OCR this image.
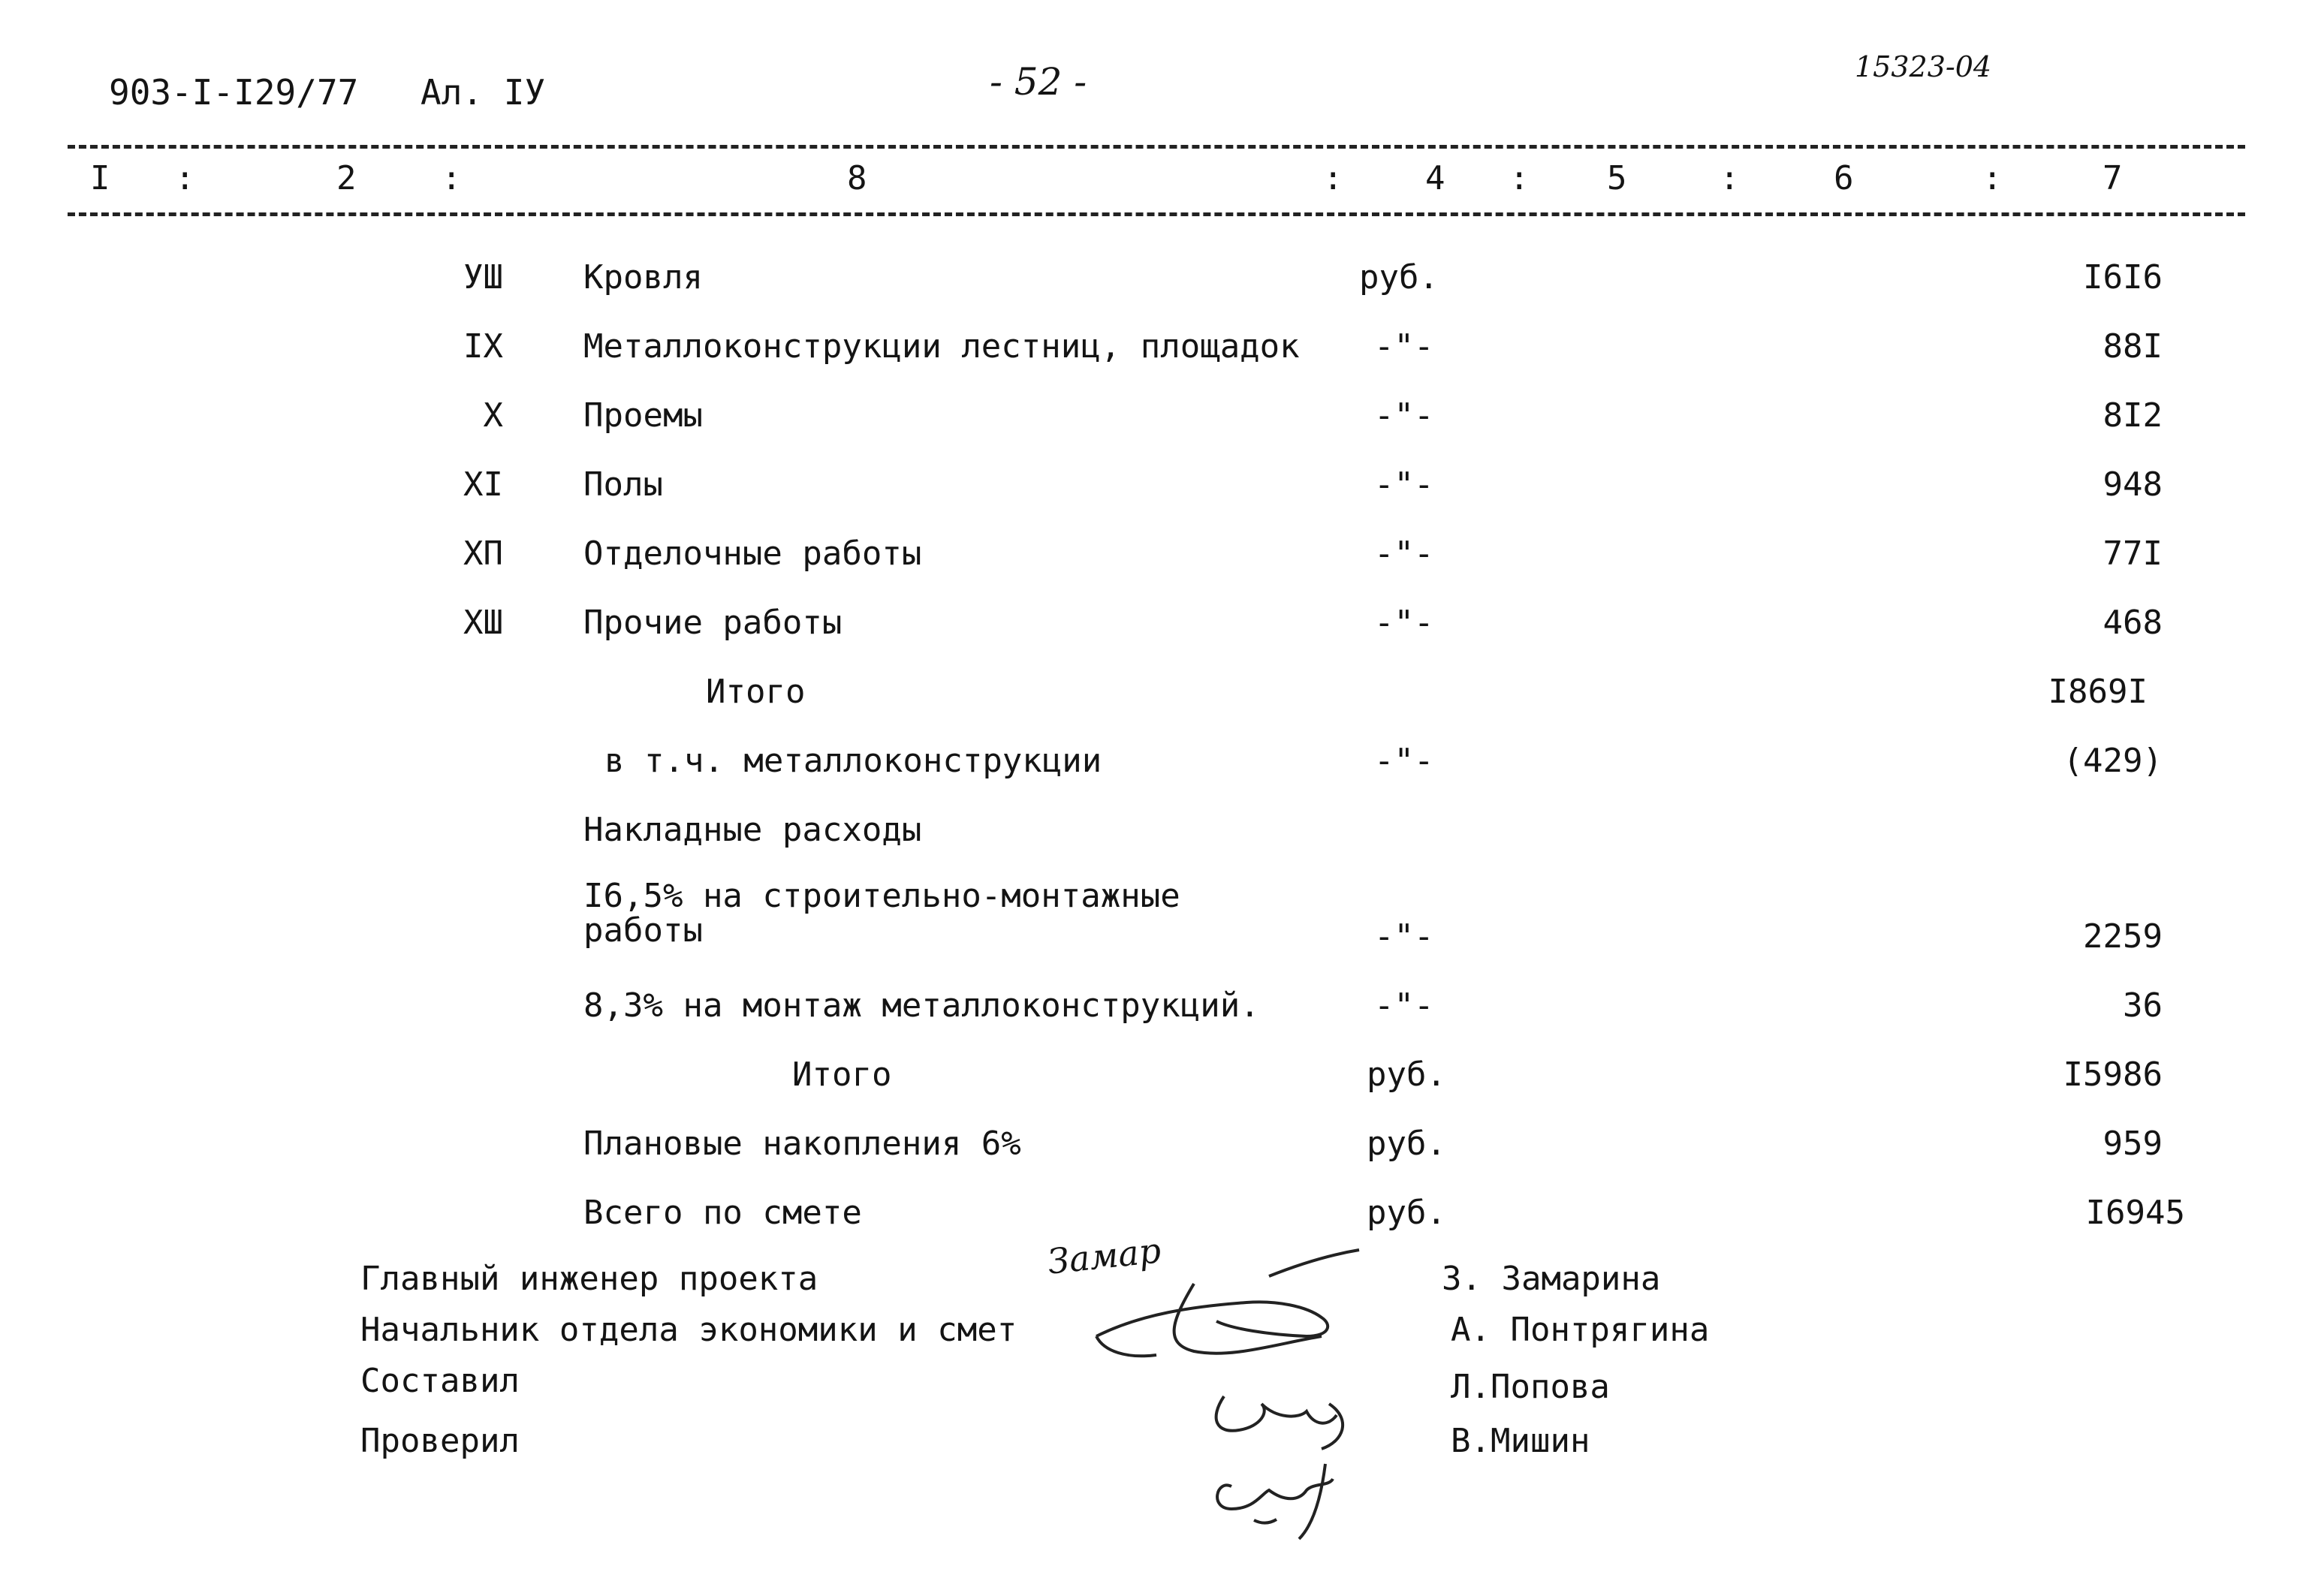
903-I-I29/77 Ал. IУ	- 52 -	15323-04
I :	2	:	8	: 4 : 5	:	6	:	7
УШ Кровля	руб.	I6I6
IX Металлоконструкции лестниц, площадок -"-	88I
X Проемы	-"-	8I2
XI Полы	-"-	948
XП Отделочные работы	-"-	77I
XШ Прочие работы	-"-	468
Итого	I869I
в т.ч. металлоконструкции	-"-	(429)
Накладные расходы
I6,5% на строительно-монтажные
работы	-"-	2259
8,3% на монтаж металлоконструкций.	-"-	36
Итого	руб.	I5986
Плановые накопления 6%	руб.	959
Всего по смете	руб.	I6945
Главный инженер проекта	З. Замарина
Начальник отдела экономики и смет	А. Понтрягина
Составил	Л.Попова
Проверил	В.Мишин
Замар
